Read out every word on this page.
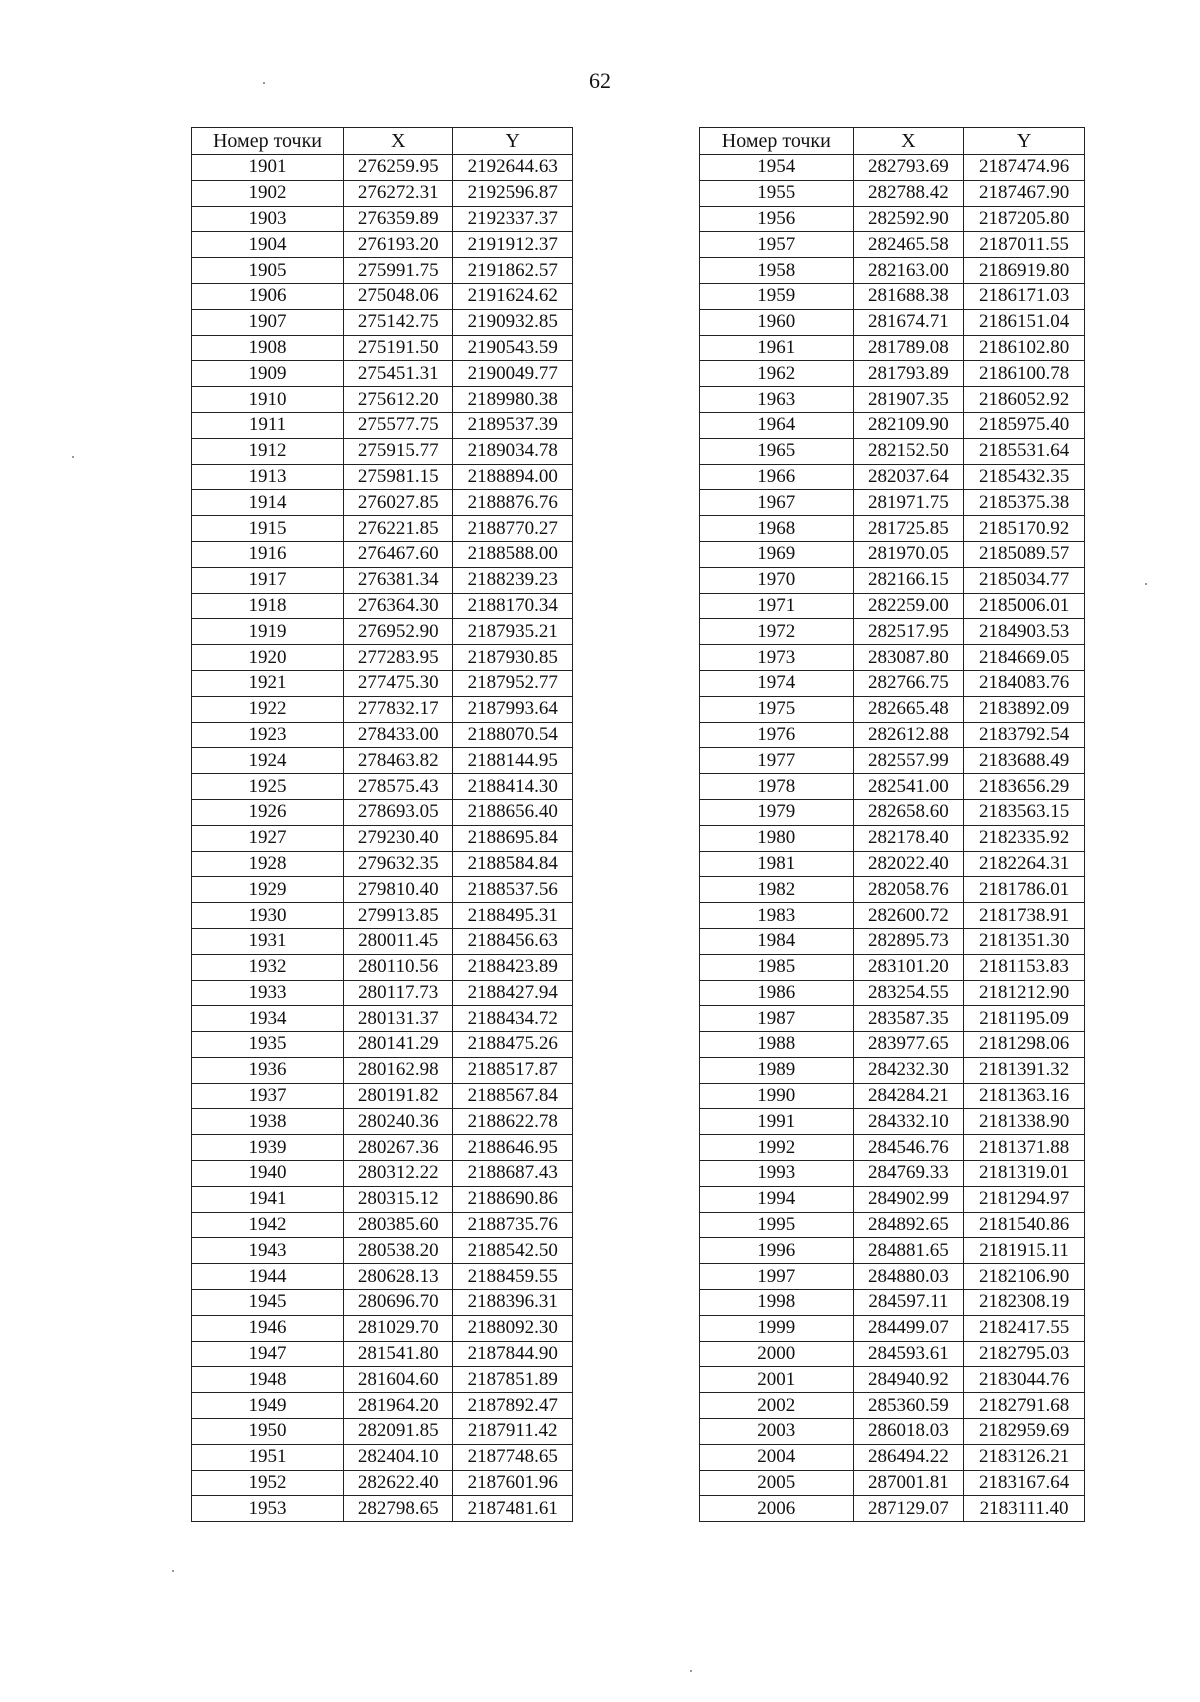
62
Номер точки	X	Y
1901	276259.95	2192644.63
1902	276272.31	2192596.87
1903	276359.89	2192337.37
1904	276193.20	2191912.37
1905	275991.75	2191862.57
1906	275048.06	2191624.62
1907	275142.75	2190932.85
1908	275191.50	2190543.59
1909	275451.31	2190049.77
1910	275612.20	2189980.38
1911	275577.75	2189537.39
1912	275915.77	2189034.78
1913	275981.15	2188894.00
1914	276027.85	2188876.76
1915	276221.85	2188770.27
1916	276467.60	2188588.00
1917	276381.34	2188239.23
1918	276364.30	2188170.34
1919	276952.90	2187935.21
1920	277283.95	2187930.85
1921	277475.30	2187952.77
1922	277832.17	2187993.64
1923	278433.00	2188070.54
1924	278463.82	2188144.95
1925	278575.43	2188414.30
1926	278693.05	2188656.40
1927	279230.40	2188695.84
1928	279632.35	2188584.84
1929	279810.40	2188537.56
1930	279913.85	2188495.31
1931	280011.45	2188456.63
1932	280110.56	2188423.89
1933	280117.73	2188427.94
1934	280131.37	2188434.72
1935	280141.29	2188475.26
1936	280162.98	2188517.87
1937	280191.82	2188567.84
1938	280240.36	2188622.78
1939	280267.36	2188646.95
1940	280312.22	2188687.43
1941	280315.12	2188690.86
1942	280385.60	2188735.76
1943	280538.20	2188542.50
1944	280628.13	2188459.55
1945	280696.70	2188396.31
1946	281029.70	2188092.30
1947	281541.80	2187844.90
1948	281604.60	2187851.89
1949	281964.20	2187892.47
1950	282091.85	2187911.42
1951	282404.10	2187748.65
1952	282622.40	2187601.96
1953	282798.65	2187481.61
Номер точки	X	Y
1954	282793.69	2187474.96
1955	282788.42	2187467.90
1956	282592.90	2187205.80
1957	282465.58	2187011.55
1958	282163.00	2186919.80
1959	281688.38	2186171.03
1960	281674.71	2186151.04
1961	281789.08	2186102.80
1962	281793.89	2186100.78
1963	281907.35	2186052.92
1964	282109.90	2185975.40
1965	282152.50	2185531.64
1966	282037.64	2185432.35
1967	281971.75	2185375.38
1968	281725.85	2185170.92
1969	281970.05	2185089.57
1970	282166.15	2185034.77
1971	282259.00	2185006.01
1972	282517.95	2184903.53
1973	283087.80	2184669.05
1974	282766.75	2184083.76
1975	282665.48	2183892.09
1976	282612.88	2183792.54
1977	282557.99	2183688.49
1978	282541.00	2183656.29
1979	282658.60	2183563.15
1980	282178.40	2182335.92
1981	282022.40	2182264.31
1982	282058.76	2181786.01
1983	282600.72	2181738.91
1984	282895.73	2181351.30
1985	283101.20	2181153.83
1986	283254.55	2181212.90
1987	283587.35	2181195.09
1988	283977.65	2181298.06
1989	284232.30	2181391.32
1990	284284.21	2181363.16
1991	284332.10	2181338.90
1992	284546.76	2181371.88
1993	284769.33	2181319.01
1994	284902.99	2181294.97
1995	284892.65	2181540.86
1996	284881.65	2181915.11
1997	284880.03	2182106.90
1998	284597.11	2182308.19
1999	284499.07	2182417.55
2000	284593.61	2182795.03
2001	284940.92	2183044.76
2002	285360.59	2182791.68
2003	286018.03	2182959.69
2004	286494.22	2183126.21
2005	287001.81	2183167.64
2006	287129.07	2183111.40
